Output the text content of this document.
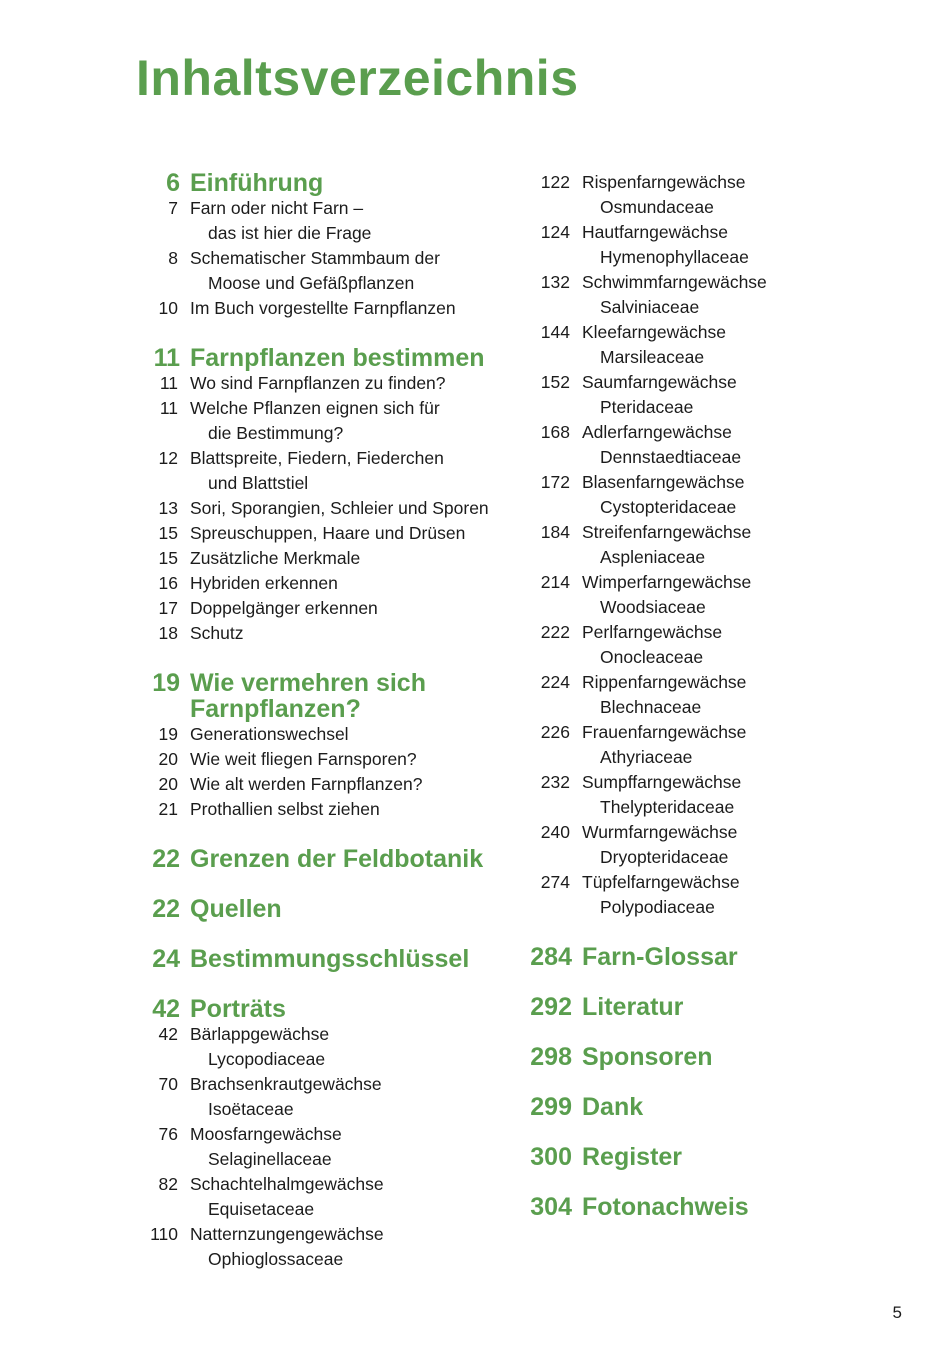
Inhaltsverzeichnis
6 Einführung
7 Farn oder nicht Farn –
das ist hier die Frage
8 Schematischer Stammbaum der
Moose und Gefäßpflanzen
10 Im Buch vorgestellte Farnpflanzen
11 Farnpflanzen bestimmen
11 Wo sind Farnpflanzen zu finden?
11 Welche Pflanzen eignen sich für
die Bestimmung?
12 Blattspreite, Fiedern, Fiederchen
und Blattstiel
13 Sori, Sporangien, Schleier und Sporen
15 Spreuschuppen, Haare und Drüsen
15 Zusätzliche Merkmale
16 Hybriden erkennen
17 Doppelgänger erkennen
18 Schutz
19 Wie vermehren sich Farnpflanzen?
19 Generationswechsel
20 Wie weit fliegen Farnsporen?
20 Wie alt werden Farnpflanzen?
21 Prothallien selbst ziehen
22 Grenzen der Feldbotanik
22 Quellen
24 Bestimmungsschlüssel
42 Porträts
42 Bärlappgewächse
Lycopodiaceae
70 Brachsenkrautgewächse
Isoëtaceae
76 Moosfarngewächse
Selaginellaceae
82 Schachtelhalmgewächse
Equisetaceae
110 Natternzungengewächse
Ophioglossaceae
122 Rispenfarngewächse
Osmundaceae
124 Hautfarngewächse
Hymenophyllaceae
132 Schwimmfarngewächse
Salviniaceae
144 Kleefarngewächse
Marsileaceae
152 Saumfarngewächse
Pteridaceae
168 Adlerfarngewächse
Dennstaedtiaceae
172 Blasenfarngewächse
Cystopteridaceae
184 Streifenfarngewächse
Aspleniaceae
214 Wimperfarngewächse
Woodsiaceae
222 Perlfarngewächse
Onocleaceae
224 Rippenfarngewächse
Blechnaceae
226 Frauenfarngewächse
Athyriaceae
232 Sumpffarngewächse
Thelypteridaceae
240 Wurmfarngewächse
Dryopteridaceae
274 Tüpfelfarngewächse
Polypodiaceae
284 Farn-Glossar
292 Literatur
298 Sponsoren
299 Dank
300 Register
304 Fotonachweis
5
